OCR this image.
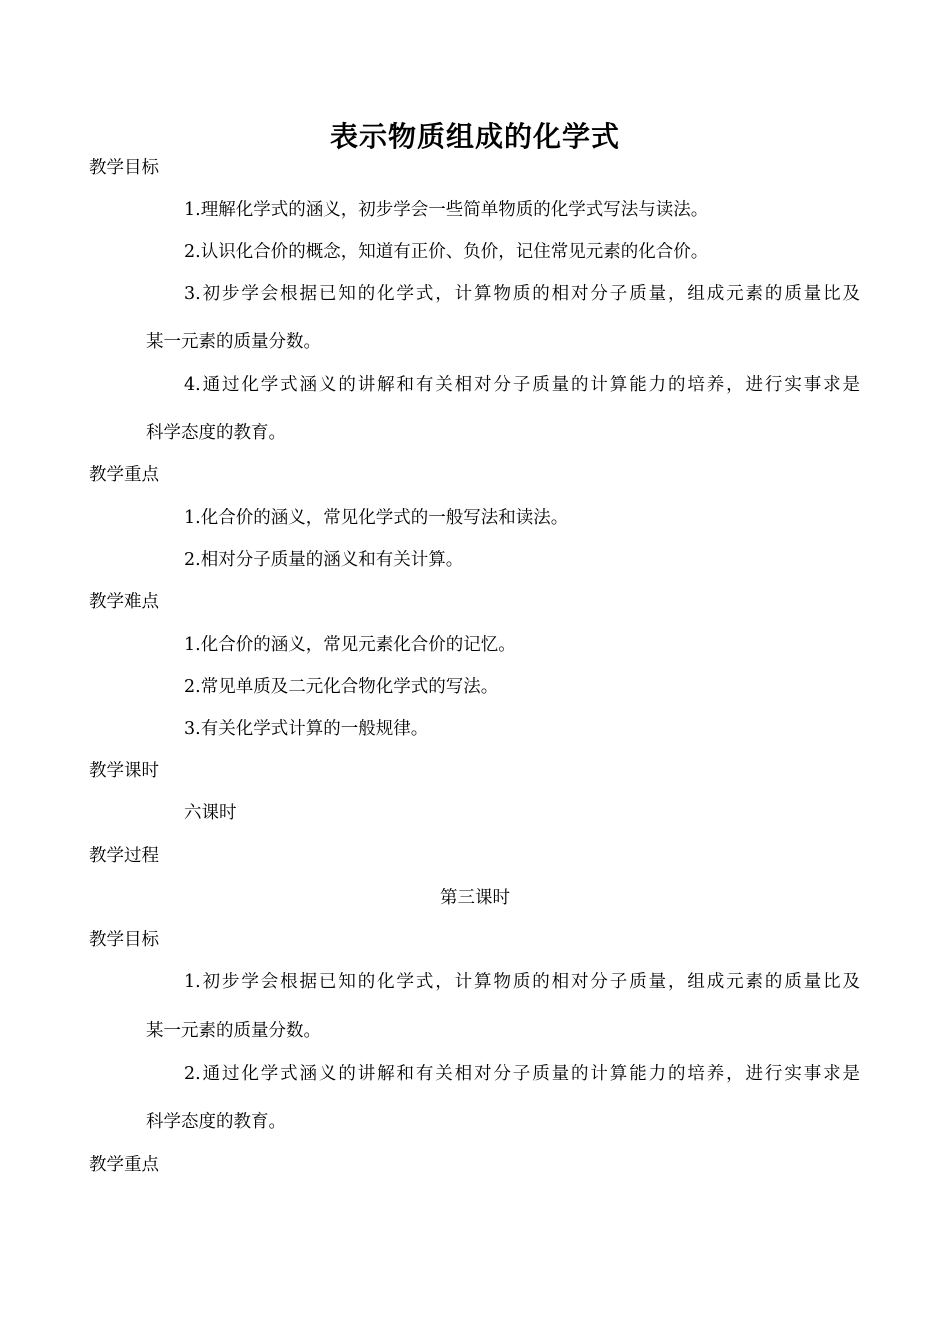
表示物质组成的化学式
教学目标
1.理解化学式的涵义，初步学会一些简单物质的化学式写法与读法。
2.认识化合价的概念，知道有正价、负价，记住常见元素的化合价。
3.初步学会根据已知的化学式，计算物质的相对分子质量，组成元素的质量比及
某一元素的质量分数。
4.通过化学式涵义的讲解和有关相对分子质量的计算能力的培养，进行实事求是
科学态度的教育。
教学重点
1.化合价的涵义，常见化学式的一般写法和读法。
2.相对分子质量的涵义和有关计算。
教学难点
1.化合价的涵义，常见元素化合价的记忆。
2.常见单质及二元化合物化学式的写法。
3.有关化学式计算的一般规律。
教学课时
六课时
教学过程
第三课时
教学目标
1.初步学会根据已知的化学式，计算物质的相对分子质量，组成元素的质量比及
某一元素的质量分数。
2.通过化学式涵义的讲解和有关相对分子质量的计算能力的培养，进行实事求是
科学态度的教育。
教学重点
